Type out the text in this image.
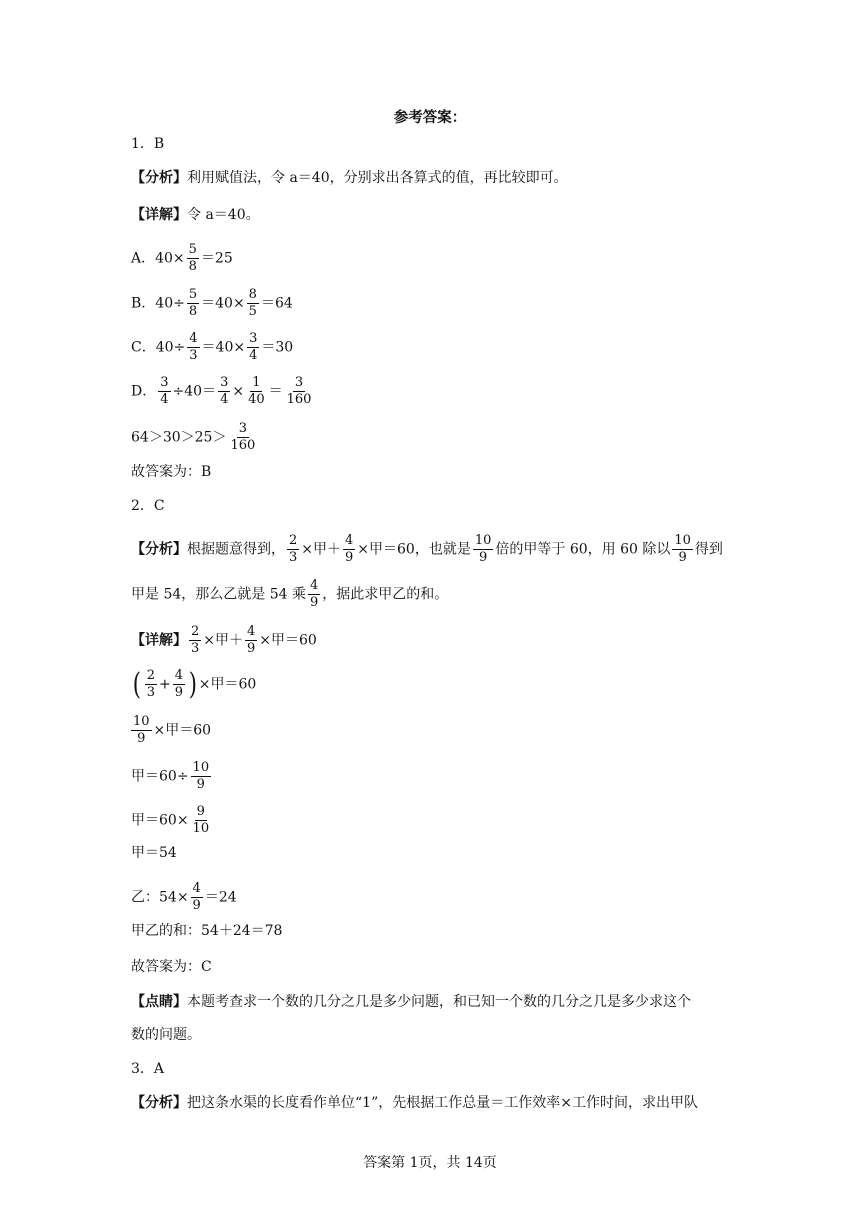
参考答案：
1．B
【分析】利用赋值法，令 a＝40，分别求出各算式的值，再比较即可。
【详解】令 a＝40。
A．$40\times \frac{5}{8} =25$
B．$40\div \frac{5}{8} =40\times \frac{8}{5} =64$
C．$40\div \frac{4}{3} =40\times \frac{3}{4} =30$
D． $\frac{3}{4} \div 40= \frac{3}{4} \times \frac{1}{40} = \frac{3}{160}$
$64>30>25> \frac{3}{160}$
故答案为：B
2．C
【分析】根据题意得到， $\frac{2}{3}$ ×甲＋ $\frac{4}{9}$ ×甲＝60，也就是 $\frac{10}{9}$ 倍的甲等于 60，用 60 除以 $\frac{10}{9}$ 得到
甲是 54，那么乙就是 54 乘 $\frac{4}{9}$ ，据此求甲乙的和。
【详解】 $\frac{2}{3}$ ×甲＋ $\frac{4}{9}$ ×甲＝60
( $\frac{2}{3} + \frac{4}{9}$ ) ×甲＝60
$\frac{10}{9}$ ×甲＝60
甲$=60\div \frac{10}{9}$
甲$=60\times \frac{9}{10}$
甲＝54
乙：$54\times \frac{4}{9} =24$
甲乙的和：54＋24＝78
故答案为：C
【点睛】本题考查求一个数的几分之几是多少问题，和已知一个数的几分之几是多少求这个
数的问题。
3．A
【分析】把这条水渠的长度看作单位“1”，先根据工作总量＝工作效率×工作时间，求出甲队
答案第 1页，共 14页
